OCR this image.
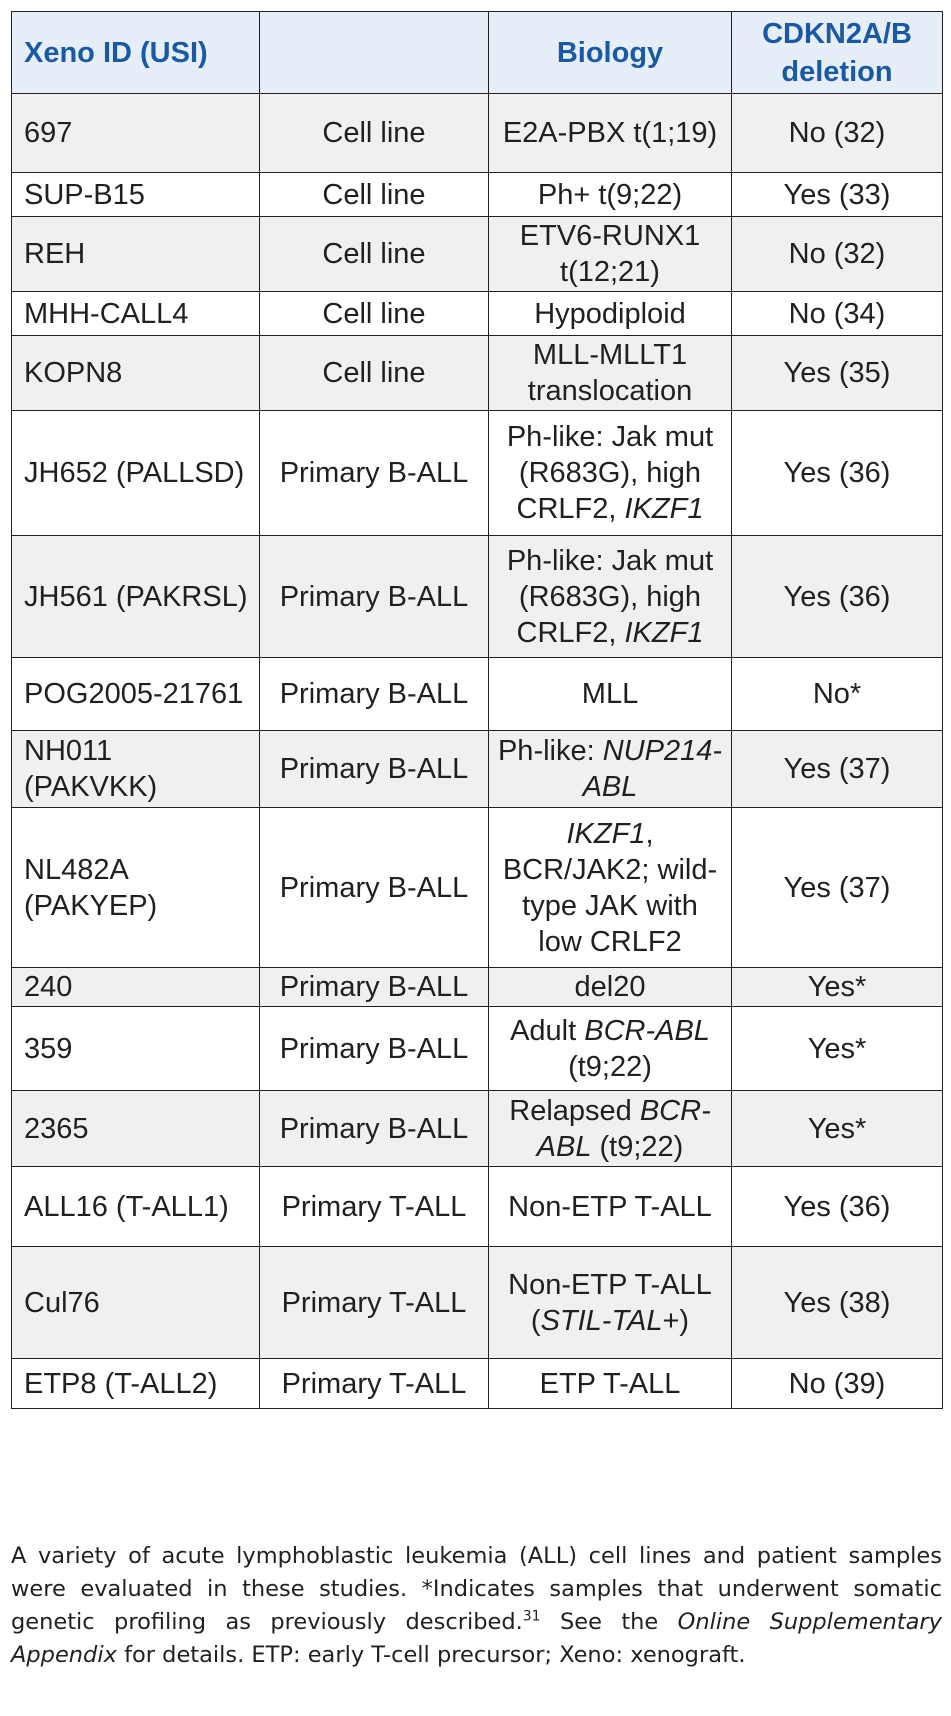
Xeno ID (USI)		Biology	CDKN2A/B deletion
697	Cell line	E2A-PBX t(1;19)	No (32)
SUP-B15	Cell line	Ph+ t(9;22)	Yes (33)
REH	Cell line	ETV6-RUNX1 t(12;21)	No (32)
MHH-CALL4	Cell line	Hypodiploid	No (34)
KOPN8	Cell line	MLL-MLLT1 translocation	Yes (35)
JH652 (PALLSD)	Primary B-ALL	Ph-like: Jak mut (R683G), high CRLF2, IKZF1	Yes (36)
JH561 (PAKRSL)	Primary B-ALL	Ph-like: Jak mut (R683G), high CRLF2, IKZF1	Yes (36)
POG2005-21761	Primary B-ALL	MLL	No*
NH011 (PAKVKK)	Primary B-ALL	Ph-like: NUP214-ABL	Yes (37)
NL482A (PAKYEP)	Primary B-ALL	IKZF1, BCR/JAK2; wild-type JAK with low CRLF2	Yes (37)
240	Primary B-ALL	del20	Yes*
359	Primary B-ALL	Adult BCR-ABL (t9;22)	Yes*
2365	Primary B-ALL	Relapsed BCR-ABL (t9;22)	Yes*
ALL16 (T-ALL1)	Primary T-ALL	Non-ETP T-ALL	Yes (36)
Cul76	Primary T-ALL	Non-ETP T-ALL (STIL-TAL+)	Yes (38)
ETP8 (T-ALL2)	Primary T-ALL	ETP T-ALL	No (39)
A variety of acute lymphoblastic leukemia (ALL) cell lines and patient samples were evaluated in these studies. *Indicates samples that underwent somatic genetic profiling as previously described.$^{31}$ See the Online Supplementary Appendix for details. ETP: early T-cell precursor; Xeno: xenograft.
